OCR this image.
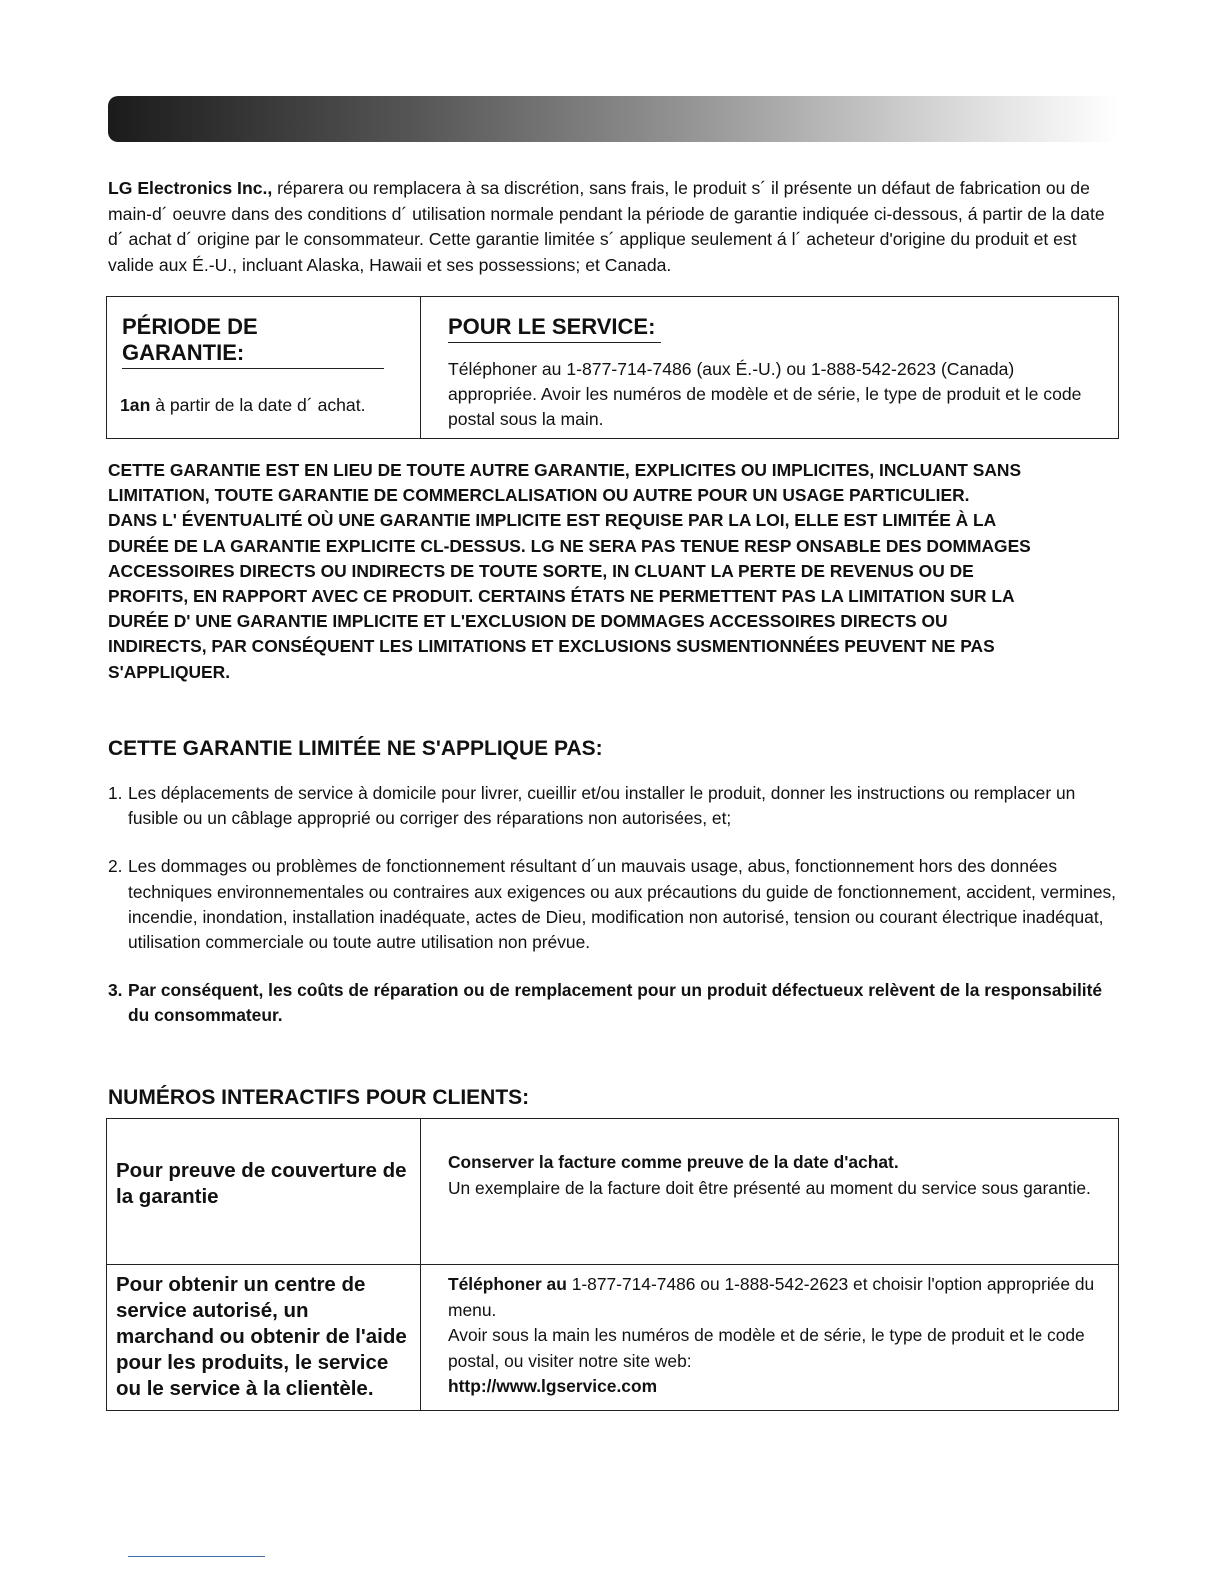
LG Electronics Inc., réparera ou remplacera à sa discrétion, sans frais, le produit s´ il présente un défaut de fabrication ou de main-d´ oeuvre dans des conditions d´ utilisation normale pendant la période de garantie indiquée ci-dessous, á partir de la date d´ achat d´ origine par le consommateur. Cette garantie limitée s´ applique seulement á l´ acheteur d'origine du produit et est valide aux É.-U., incluant Alaska, Hawaii et ses possessions; et Canada.
PÉRIODE DE GARANTIE:
1an à partir de la date d´ achat.
	POUR LE SERVICE:
Téléphoner au 1-877-714-7486 (aux É.-U.) ou 1-888-542-2623 (Canada) appropriée. Avoir les numéros de modèle et de série, le type de produit et le code postal sous la main.
CETTE GARANTIE EST EN LIEU DE TOUTE AUTRE GARANTIE, EXPLICITES OU IMPLICITES, INCLUANT SANS
LIMITATION, TOUTE GARANTIE DE COMMERCLALISATION OU AUTRE POUR UN USAGE PARTICULIER.
DANS L' ÉVENTUALITÉ OÙ UNE GARANTIE IMPLICITE EST REQUISE PAR LA LOI, ELLE EST LIMITÉE À LA
DURÉE DE LA GARANTIE EXPLICITE CL-DESSUS. LG NE SERA PAS TENUE RESP ONSABLE DES DOMMAGES
ACCESSOIRES DIRECTS OU INDIRECTS DE TOUTE SORTE, IN CLUANT LA PERTE DE REVENUS OU DE
PROFITS, EN RAPPORT AVEC CE PRODUIT. CERTAINS ÉTATS NE PERMETTENT PAS LA LIMITATION SUR LA
DURÉE D' UNE GARANTIE IMPLICITE ET L'EXCLUSION DE DOMMAGES ACCESSOIRES DIRECTS OU
INDIRECTS, PAR CONSÉQUENT LES LIMITATIONS ET EXCLUSIONS SUSMENTIONNÉES PEUVENT NE PAS
S'APPLIQUER.
CETTE GARANTIE LIMITÉE NE S'APPLIQUE PAS:
1. Les déplacements de service à domicile pour livrer, cueillir et/ou installer le produit, donner les instructions ou remplacer un fusible ou un câblage approprié ou corriger des réparations non autorisées, et;
2. Les dommages ou problèmes de fonctionnement résultant d´un mauvais usage, abus, fonctionnement hors des données techniques environnementales ou contraires aux exigences ou aux précautions du guide de fonctionnement, accident, vermines, incendie, inondation, installation inadéquate, actes de Dieu, modification non autorisé, tension ou courant électrique inadéquat, utilisation commerciale ou toute autre utilisation non prévue.
3. Par conséquent, les coûts de réparation ou de remplacement pour un produit défectueux relèvent de la responsabilité du consommateur.
NUMÉROS INTERACTIFS POUR CLIENTS:
Pour preuve de couverture de la garantie	Conserver la facture comme preuve de la date d'achat.
Un exemplaire de la facture doit être présenté au moment du service sous garantie.

Pour obtenir un centre de service autorisé, un marchand ou obtenir de l'aide pour les produits, le service ou le service à la clientèle.	Téléphoner au 1-877-714-7486 ou 1-888-542-2623 et choisir l'option appropriée du menu.
Avoir sous la main les numéros de modèle et de série, le type de produit et le code postal, ou visiter notre site web:
http://www.lgservice.com
